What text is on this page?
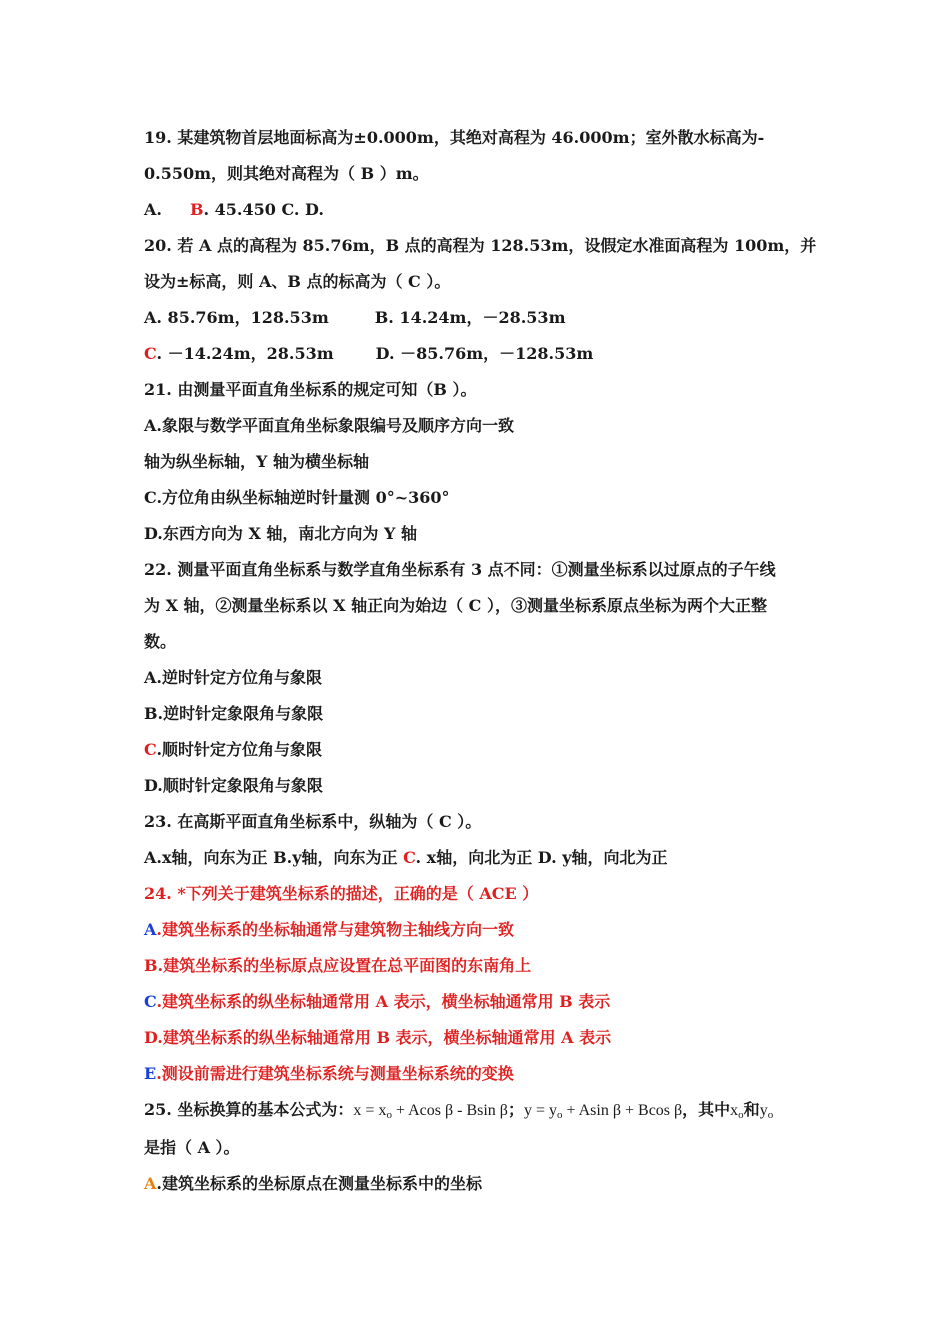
19. 某建筑物首层地面标高为±0.000m，其绝对高程为 46.000m；室外散水标高为-
0.550m，则其绝对高程为（ B ）m。
A. B. 45.450 C. D.
20. 若 A 点的高程为 85.76m，B 点的高程为 128.53m，设假定水准面高程为 100m，并
设为±标高，则 A、B 点的标高为（ C ）。
A. 85.76m，128.53m	B. 14.24m，－28.53m
C. －14.24m，28.53m	D. －85.76m，－128.53m
21. 由测量平面直角坐标系的规定可知（B ）。
A.象限与数学平面直角坐标象限编号及顺序方向一致
轴为纵坐标轴，Y 轴为横坐标轴
C.方位角由纵坐标轴逆时针量测 0°~360°
D.东西方向为 X 轴，南北方向为 Y 轴
22. 测量平面直角坐标系与数学直角坐标系有 3 点不同：①测量坐标系以过原点的子午线
为 X 轴，②测量坐标系以 X 轴正向为始边（ C ），③测量坐标系原点坐标为两个大正整
数。
A.逆时针定方位角与象限
B.逆时针定象限角与象限
C.顺时针定方位角与象限
D.顺时针定象限角与象限
23. 在高斯平面直角坐标系中，纵轴为（ C ）。
A.x轴，向东为正 B.y轴，向东为正 C. x轴，向北为正 D. y轴，向北为正
24. *下列关于建筑坐标系的描述，正确的是（ ACE ）
A.建筑坐标系的坐标轴通常与建筑物主轴线方向一致
B.建筑坐标系的坐标原点应设置在总平面图的东南角上
C.建筑坐标系的纵坐标轴通常用 A 表示，横坐标轴通常用 B 表示
D.建筑坐标系的纵坐标轴通常用 B 表示，横坐标轴通常用 A 表示
E.测设前需进行建筑坐标系统与测量坐标系统的变换
25. 坐标换算的基本公式为：$x = x_o + Acos$ β - Bsin β；$y = y_o + Asin$ β + Bcos β，其中$x_o$和$y_o$
是指（ A ）。
A.建筑坐标系的坐标原点在测量坐标系中的坐标
